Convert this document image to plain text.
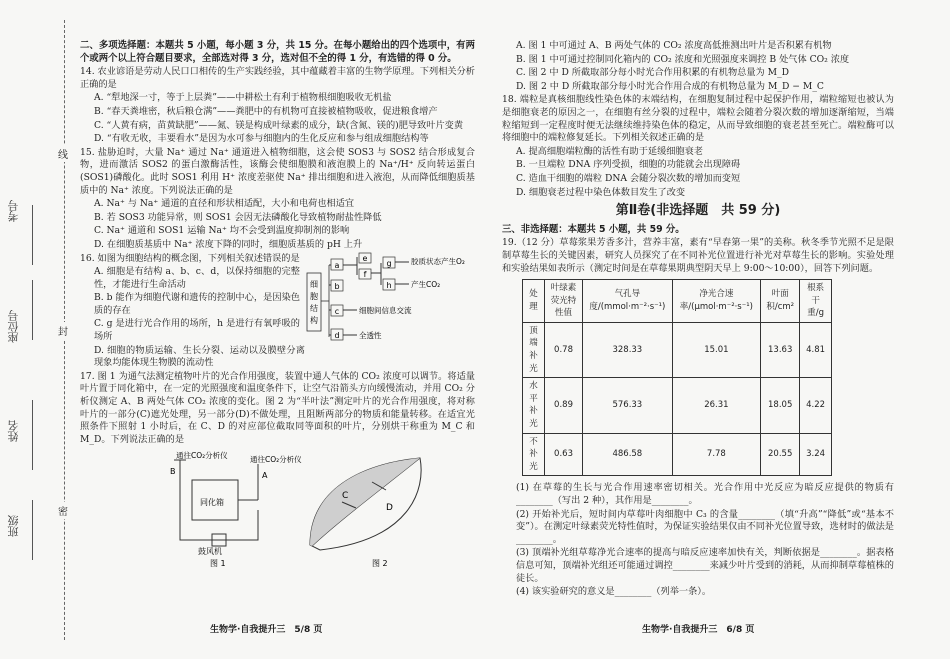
考号
座位号
姓名
班级
线
封
密

二、多项选择题：本题共 5 小题，每小题 3 分，共 15 分。在每小题给出的四个选项中，有两个或两个以上符合题目要求，全部选对得 3 分，选对但不全的得 1 分，有选错的得 0 分。

14. 农业谚语是劳动人民口口相传的生产实践经验，其中蕴藏着丰富的生物学原理。下列相关分析正确的是

A. “犁地深一寸，等于上层粪”——中耕松土有利于植物根细胞吸收无机盐

B. “春天粪堆密，秋后粮仓满”——粪肥中的有机物可直接被植物吸收，促进粮食增产

C. “人黄有病，苗黄缺肥”——氮、镁是构成叶绿素的成分，缺(含氮、镁的)肥导致叶片变黄

D. “有收无收，丰要看水”是因为水可参与细胞内的生化反应和参与组成细胞结构等

15. 盐胁迫时，大量 Na⁺ 通过 Na⁺ 通道进入植物细胞，这会使 SOS3 与 SOS2 结合形成复合物，进而激活 SOS2 的蛋白激酶活性，该酶会使细胞膜和液泡膜上的 Na⁺/H⁺ 反向转运蛋白(SOS1)磷酸化。此时 SOS1 利用 H⁺ 浓度差驱使 Na⁺ 排出细胞和进入液泡，从而降低细胞质基质中的 Na⁺ 浓度。下列说法正确的是

A. Na⁺ 与 Na⁺ 通道的直径和形状相适配，大小和电荷也相适宜

B. 若 SOS3 功能异常，则 SOS1 会因无法磷酸化导致植物耐盐性降低

C. Na⁺ 通道和 SOS1 运输 Na⁺ 均不会受到温度抑制剂的影响

D. 在细胞质基质中 Na⁺ 浓度下降的同时，细胞质基质的 pH 上升

16. 如图为细胞结构的概念图，下列相关叙述错误的是

A. 细胞是有结构 a、b、c、d，以保持细胞的完整性，才能进行生命活动

B. b 能作为细胞代谢和遗传的控制中心，是因染色质的存在

C. g 是进行光合作用的场所，h 是进行有氧呼吸的场所

细
胞
结
构
a
b
c
d
e
f
g
h
胶质状态产生O₂
产生CO₂
细胞间信息交流
全透性

D. 细胞的物质运输、生长分裂、运动以及膜壁分离现象均能体现生物膜的流动性

17. 图 1 为通气法测定植物叶片的光合作用强度，装置中通人气体的 CO₂ 浓度可以调节。将适量叶片置于同化箱中，在一定的光照强度和温度条件下，让空气沿箭头方向缓慢流动，并用 CO₂ 分析仪测定 A、B 两处气体 CO₂ 浓度的变化。图 2 为“半叶法”测定叶片的光合作用强度，将对称叶片的一部分(C)遮光处理，另一部分(D)不做处理，且阻断两部分的物质和能量转移。在适宜光照条件下照射 1 小时后，在 C、D 的对应部位截取同等面积的叶片，分别烘干称重为 M_C 和 M_D。下列说法正确的是

通往CO₂分析仪	通往CO₂分析仪
B	A
同化箱
鼓风机
图 1
C
D
图 2
生物学·自我提升三　5/8 页

A. 图 1 中可通过 A、B 两处气体的 CO₂ 浓度高低推测出叶片是否积累有机物

B. 图 1 中可通过控制同化箱内的 CO₂ 浓度和光照强度来调控 B 处气体 CO₂ 浓度

C. 图 2 中 D 所截取部分每小时光合作用积累的有机物总量为 M_D

D. 图 2 中 D 所截取部分每小时光合作用合成的有机物总量为 M_D − M_C

18. 端粒是真核细胞线性染色体的末端结构，在细胞复制过程中起保护作用，端粒缩短也被认为是细胞衰老的原因之一，在细胞有丝分裂的过程中，端粒会随着分裂次数的增加逐渐缩短，当端粒缩短到一定程度时便无法继续维持染色体的稳定，从而导致细胞的衰老甚至死亡。端粒酶可以将细胞中的端粒修复延长。下列相关叙述正确的是

A. 提高细胞端粒酶的活性有助于延缓细胞衰老

B. 一旦端粒 DNA 序列受损，细胞的功能就会出现障碍

C. 造血干细胞的端粒 DNA 会随分裂次数的增加而变短

D. 细胞衰老过程中染色体数目发生了改变

第Ⅱ卷(非选择题　共 59 分)

三、非选择题：本题共 5 小题，共 59 分。

19.（12 分）草莓浆果芳香多汁，营养丰富，素有“早春第一果”的美称。秋冬季节光照不足是限制草莓生长的关键因素，研究人员探究了在不同补光位置进行补光对草莓生长的影响。实验处理和实验结果如表所示（测定时间是在草莓果期典型阴天早上 9:00～10:00），回答下列问题。

处理	叶绿素荧光特性值	气孔导度/(mmol·m⁻²·s⁻¹)	净光合速率/(μmol·m⁻²·s⁻¹)	叶面积/cm²	根系干重/g
顶端补光	0.78	328.33	15.01	13.63	4.81
水平补光	0.89	576.33	26.31	18.05	4.22
不补光	0.63	486.58	7.78	20.55	3.24

(1) 在草莓的生长与光合作用速率密切相关。光合作用中光反应为暗反应提供的物质有________（写出 2 种），其作用是________。

(2) 开始补光后，短时间内草莓叶肉细胞中 C₃ 的含量________（填“升高”“降低”或“基本不变”）。在测定叶绿素荧光特性值时，为保证实验结果仅由不同补光位置导致，选材时的做法是________。

(3) 顶端补光组草莓净光合速率的提高与暗反应速率加快有关，判断依据是________。据表格信息可知，顶端补光组还可能通过调控________来减少叶片受到的消耗，从而抑制草莓植株的徒长。

(4) 该实验研究的意义是________（列举一条）。

生物学·自我提升三　6/8 页
